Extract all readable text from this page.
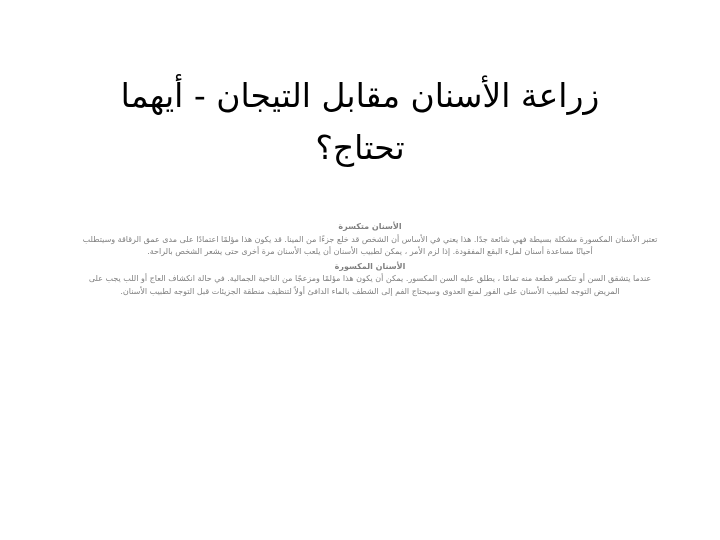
زراعة الأسنان مقابل التيجان - أيهما
تحتاج؟

الأسنان متكسرة

تعتبر الأسنان المكسورة مشكلة بسيطة فهي شائعة جدًا. هذا يعني في الأساس أن الشخص قد خلع جزءًا من المينا. قد يكون هذا مؤلمًا اعتمادًا على مدى عمق الرقاقة وسيتطلب أحيانًا مساعدة أسنان لملء البقع المفقودة. إذا لزم الأمر ، يمكن لطبيب الأسنان أن يلعب الأسنان مرة أخرى حتى يشعر الشخص بالراحة.

الأسنان المكسورة

عندما يتشقق السن أو تتكسر قطعة منه تمامًا ، يطلق عليه السن المكسور. يمكن أن يكون هذا مؤلمًا ومزعجًا من الناحية الجمالية. في حالة انكشاف العاج أو اللب يجب على المريض التوجه لطبيب الأسنان على الفور لمنع العدوى وسيحتاج الفم إلى الشطف بالماء الدافئ أولاً لتنظيف منطقة الجزيئات قبل التوجه لطبيب الأسنان.
